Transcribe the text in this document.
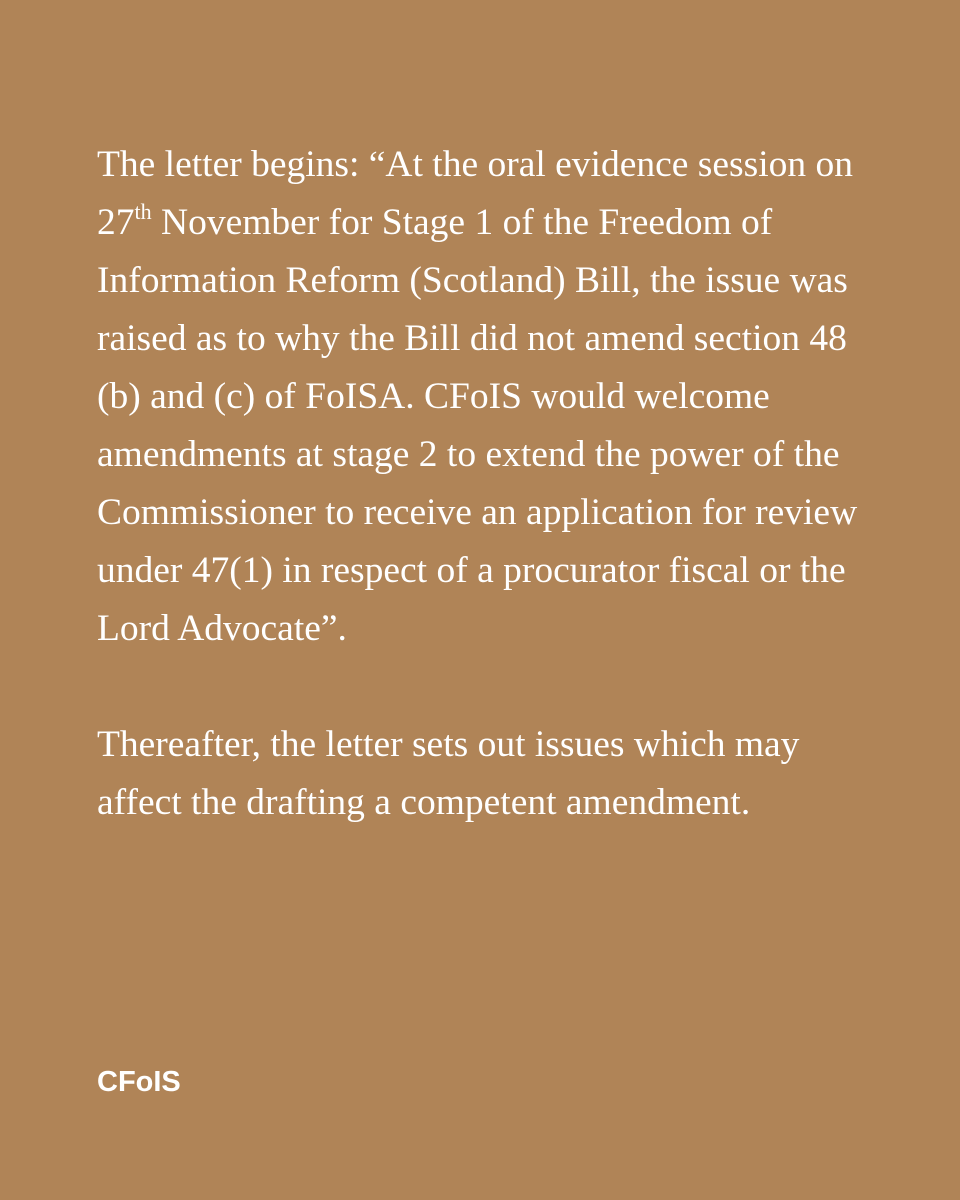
The letter begins: “At the oral evidence session on 27th November for Stage 1 of the Freedom of Information Reform (Scotland) Bill, the issue was raised as to why the Bill did not amend section 48 (b) and (c) of FoISA. CFoIS would welcome amendments at stage 2 to extend the power of the Commissioner to receive an application for review under 47(1) in respect of a procurator fiscal or the Lord Advocate”.

Thereafter, the letter sets out issues which may affect the drafting a competent amendment.

CFoIS
